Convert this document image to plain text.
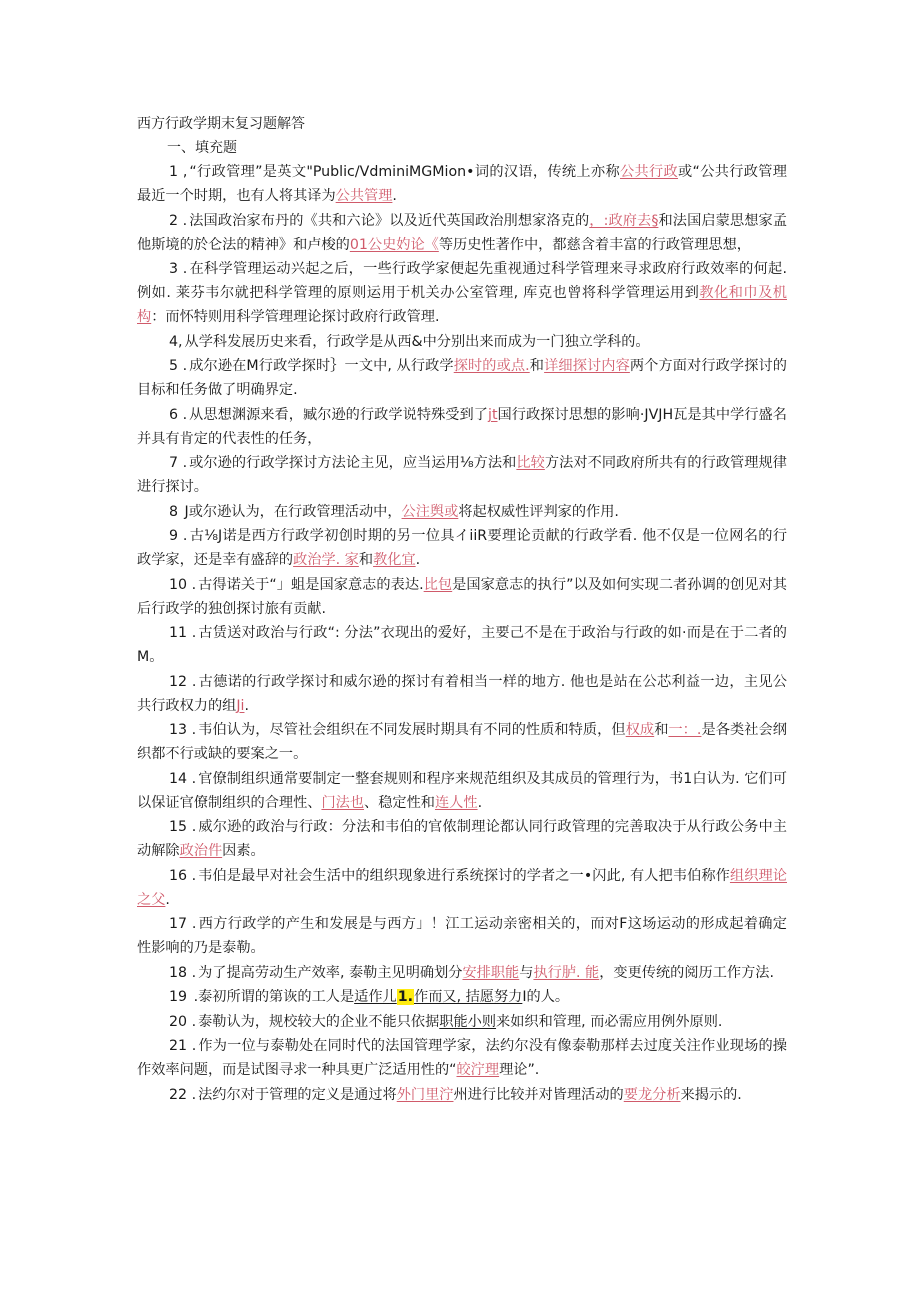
西方行政学期末复习题解答
一、填充题
1 , “行政管理”是英文"Public/VdminiMGMion•词的汉语，传统上亦称公共行政或“公共行政管理最近一个时期，也有人将其译为公共管理.
2 . 法国政治家布丹的《共和六论》以及近代英国政治刖想家洛克的，:政府去§和法国启蒙思想家孟他斯境的於仑法的精神》和卢梭的01公史妁论《等历史性著作中，都慈含着丰富的行政管理思想，
3 . 在科学管理运动兴起之后，一些行政学家便起先重视通过科学管理来寻求政府行政效率的何起. 例如. 莱芬韦尔就把科学管理的原则运用于机关办公室管理, 库克也曾将科学管理运用到教化和巾及机构：而怀特则用科学管理理论探讨政府行政管理.
4, 从学科发展历史来看，行政学是从西&中分别出来而成为一门独立学科的。
5 . 成尔逊在M行政学探时｝一文中, 从行政学探时的或点.和详细探讨内容两个方面对行政学探讨的目标和任务做了明确界定.
6 . 从思想渊源来看，臧尔逊的行政学说特殊受到了jt国行政探讨思想的影响·JVJH瓦是其中学行盛名并具有肯定的代表性的任务，
7 . 或尔逊的行政学探讨方法论主见，应当运用⅛方法和比较方法对不同政府所共有的行政管理规律进行探讨。
8 J或尔逊认为，在行政管理活动中，公注舆或将起权威性评判家的作用.
9 . 古⅛J诺是西方行政学初创时期的另一位具イiiR要理论贡献的行政学看. 他不仅是一位网名的行政学家，还是幸有盛辞的政治学. 家和教化宜.
10 . 古得诺关于“」蛆是国家意志的表达.比包是国家意志的执行”以及如何实现二者孙调的创见对其后行政学的独创探讨旅有贡献.
11 . 古赁送对政治与行政“: 分法”衣现出的爱好，主要己不是在于政治与行政的如·而是在于二者的M。
12 . 古德诺的行政学探讨和威尔逊的探讨有着相当一样的地方. 他也是站在公芯利益一边，主见公共行政权力的组Ji.
13 . 韦伯认为，尽管社会组织在不同发展时期具有不同的性质和特质，但权成和一：.是各类社会纲织都不行或缺的要案之一。
14 . 官僚制组织通常要制定一整套规则和程序来规范组织及其成员的管理行为，书1白认为. 它们可以保证官僚制组织的合理性、门法也、稳定性和连人性.
15 . 威尔逊的政治与行政：分法和韦伯的官侬制理论都认同行政管理的完善取决于从行政公务中主动解除政治件因素。
16 . 韦伯是最早对社会生活中的组织现象进行系统探讨的学者之一•闪此, 有人把韦伯称作组织理论之父.
17 . 西方行政学的产生和发展是与西方」！江工运动亲密相关的，而对F这场运动的形成起着确定性影响的乃是泰勒。
18 . 为了提高劳动生产效率, 泰勒主见明确划分安排职能与执行胪. 能，变更传统的阅历工作方法.
19 .泰初所谓的第诙的工人是适作儿1.作而又, 拮愿努力I的人。
20 . 泰勒认为，规校较大的企业不能只依据职能小则来如织和管理, 而必需应用例外原则.
21 . 作为一位与泰勒处在同时代的法国管理学家，法约尔没有像泰勒那样去过度关注作业现场的操作效率问题，而是试图寻求一种具更广泛适用性的“皎泞理理论”.
22 . 法约尔对于管理的定义是通过将外门里泞州进行比较并对皆理活动的要龙分析来揭示的.
